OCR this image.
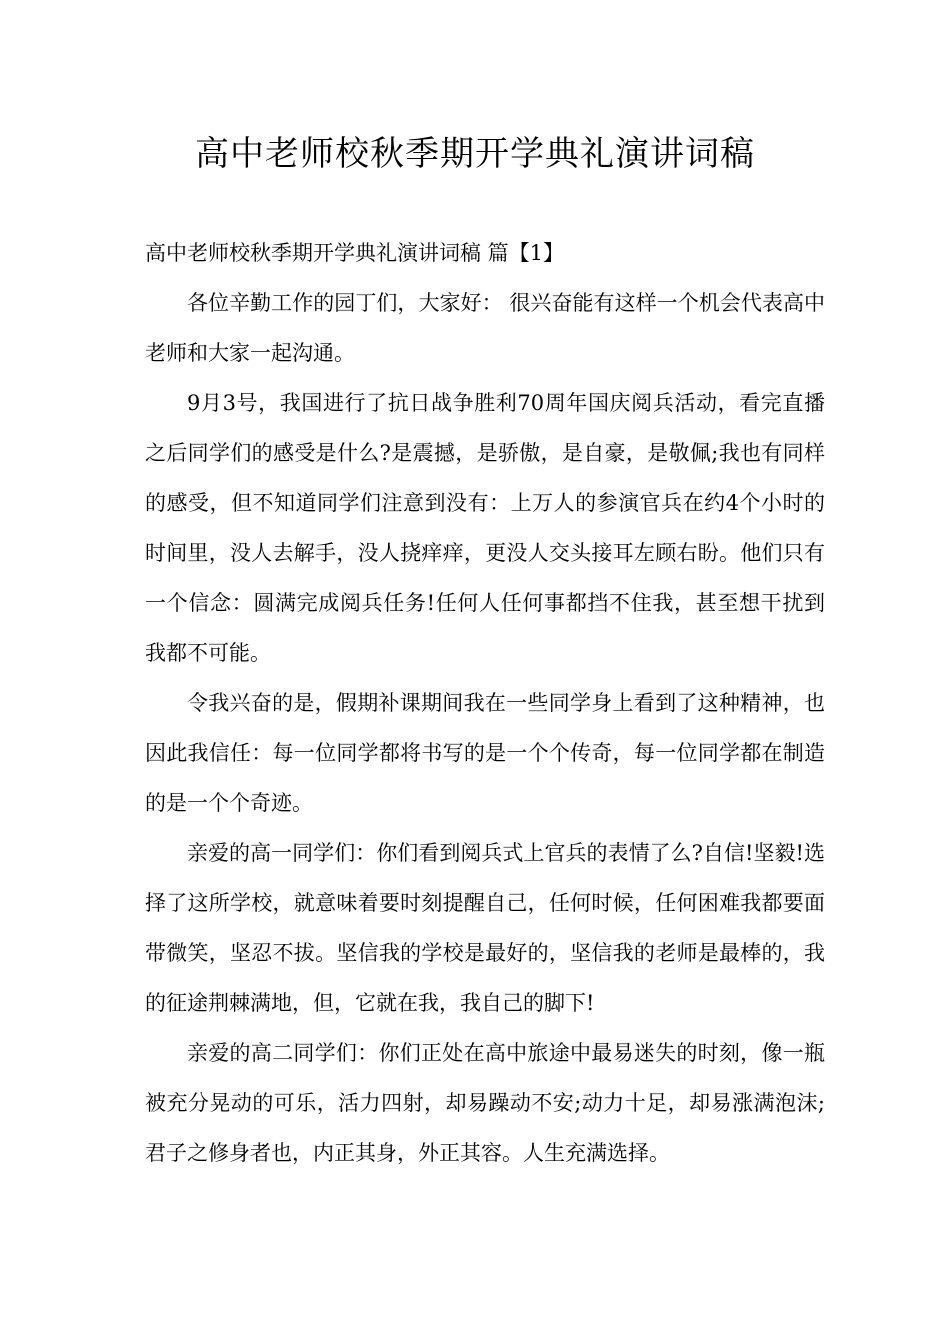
高中老师校秋季期开学典礼演讲词稿

高中老师校秋季期开学典礼演讲词稿 篇【1】

各位辛勤工作的园丁们，大家好： 很兴奋能有这样一个机会代表高中老师和大家一起沟通。

9月3号，我国进行了抗日战争胜利70周年国庆阅兵活动，看完直播之后同学们的感受是什么?是震撼，是骄傲，是自豪，是敬佩;我也有同样的感受，但不知道同学们注意到没有：上万人的参演官兵在约4个小时的时间里，没人去解手，没人挠痒痒，更没人交头接耳左顾右盼。他们只有一个信念：圆满完成阅兵任务!任何人任何事都挡不住我，甚至想干扰到我都不可能。

令我兴奋的是，假期补课期间我在一些同学身上看到了这种精神，也因此我信任：每一位同学都将书写的是一个个传奇，每一位同学都在制造的是一个个奇迹。

亲爱的高一同学们：你们看到阅兵式上官兵的表情了么?自信!坚毅!选择了这所学校，就意味着要时刻提醒自己，任何时候，任何困难我都要面带微笑，坚忍不拔。坚信我的学校是最好的，坚信我的老师是最棒的，我的征途荆棘满地，但，它就在我，我自己的脚下!

亲爱的高二同学们：你们正处在高中旅途中最易迷失的时刻，像一瓶被充分晃动的可乐，活力四射，却易躁动不安;动力十足，却易涨满泡沫;君子之修身者也，内正其身，外正其容。人生充满选择。
